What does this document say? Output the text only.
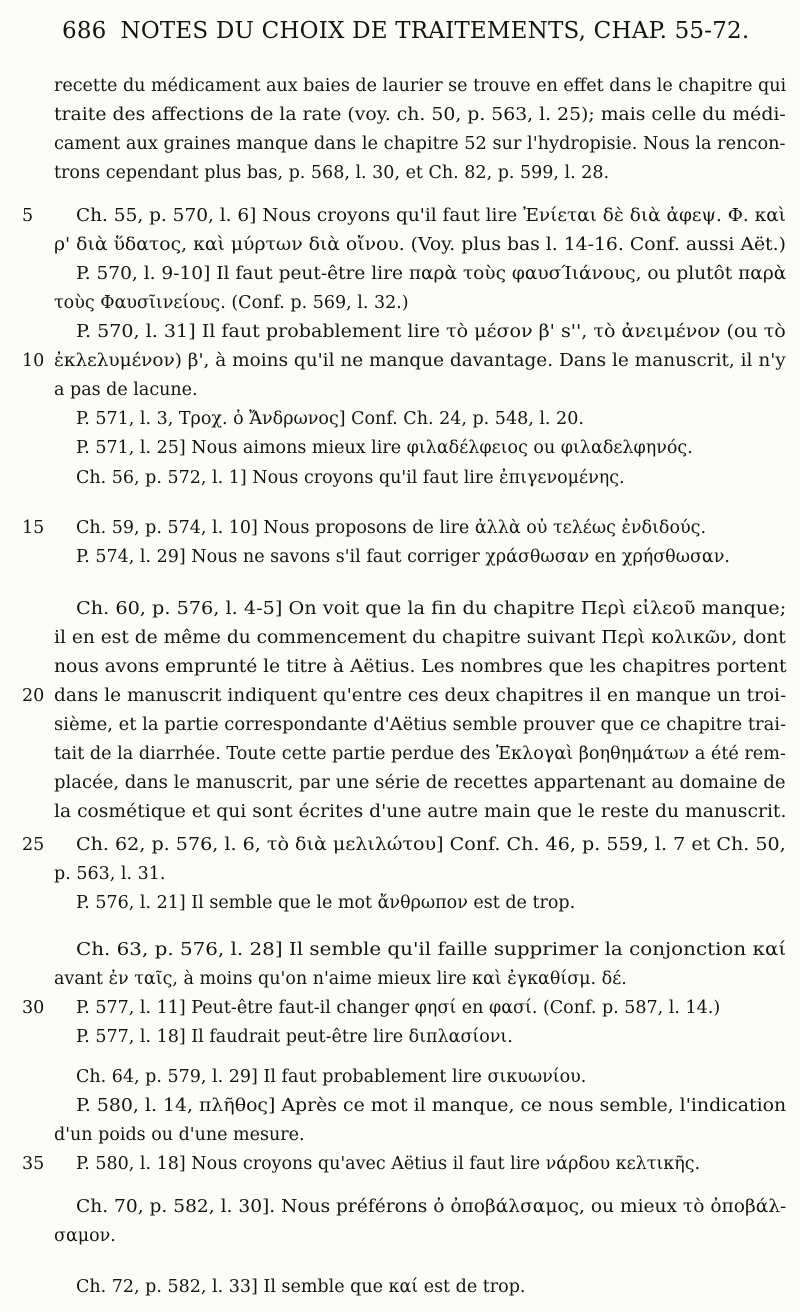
686 NOTES DU CHOIX DE TRAITEMENTS, CHAP. 55-72.
recette du médicament aux baies de laurier se trouve en effet dans le chapitre qui
traite des affections de la rate (voy. ch. 50, p. 563, l. 25); mais celle du médi-
cament aux graines manque dans le chapitre 52 sur l'hydropisie. Nous la rencon-
trons cependant plus bas, p. 568, l. 30, et Ch. 82, p. 599, l. 28.
5	Ch. 55, p. 570, l. 6] Nous croyons qu'il faut lire Ἐνίεται δὲ διὰ ἀφεψ. Φ. καὶ
ρ' διὰ ὕδατος, καὶ μύρτων διὰ οἴνου. (Voy. plus bas l. 14-16. Conf. aussi Aët.)
P. 570, l. 9-10] Il faut peut-être lire παρὰ τοὺς φαυσΊιάνους, ou plutôt παρὰ
τοὺς Φαυσῖινείους. (Conf. p. 569, l. 32.)
P. 570, l. 31] Il faut probablement lire τὸ μέσον β' s'', τὸ ἀνειμένον (ou τὸ
10 ἐκλελυμένον) β', à moins qu'il ne manque davantage. Dans le manuscrit, il n'y
a pas de lacune.
P. 571, l. 3, Τροχ. ὁ Ἄνδρωνος] Conf. Ch. 24, p. 548, l. 20.
P. 571, l. 25] Nous aimons mieux lire φιλαδέλφειος ou φιλαδελφηνός.
Ch. 56, p. 572, l. 1] Nous croyons qu'il faut lire ἐπιγενομένης.
15 Ch. 59, p. 574, l. 10] Nous proposons de lire ἀλλὰ οὐ τελέως ἐνδιδούς.
P. 574, l. 29] Nous ne savons s'il faut corriger χράσθωσαν en χρήσθωσαν.
Ch. 60, p. 576, l. 4-5] On voit que la fin du chapitre Περὶ εἰλεοῦ manque;
il en est de même du commencement du chapitre suivant Περὶ κολικῶν, dont
nous avons emprunté le titre à Aëtius. Les nombres que les chapitres portent
20 dans le manuscrit indiquent qu'entre ces deux chapitres il en manque un troi-
sième, et la partie correspondante d'Aëtius semble prouver que ce chapitre trai-
tait de la diarrhée. Toute cette partie perdue des Ἐκλογαὶ βοηθημάτων a été rem-
placée, dans le manuscrit, par une série de recettes appartenant au domaine de
la cosmétique et qui sont écrites d'une autre main que le reste du manuscrit.
25 Ch. 62, p. 576, l. 6, τὸ διὰ μελιλώτου] Conf. Ch. 46, p. 559, l. 7 et Ch. 50,
p. 563, l. 31.
P. 576, l. 21] Il semble que le mot ἄνθρωπον est de trop.
Ch. 63, p. 576, l. 28] Il semble qu'il faille supprimer la conjonction καί
avant ἐν ταῖς, à moins qu'on n'aime mieux lire καὶ ἐγκαθίσμ. δέ.
30 P. 577, l. 11] Peut-être faut-il changer φησί en φασί. (Conf. p. 587, l. 14.)
P. 577, l. 18] Il faudrait peut-être lire διπλασίονι.
Ch. 64, p. 579, l. 29] Il faut probablement lire σικυωνίου.
P. 580, l. 14, πλῆθος] Après ce mot il manque, ce nous semble, l'indication
d'un poids ou d'une mesure.
35 P. 580, l. 18] Nous croyons qu'avec Aëtius il faut lire νάρδου κελτικῆς.
Ch. 70, p. 582, l. 30]. Nous préférons ὀ ὀποβάλσαμος, ou mieux τὸ ὀποβάλ-
σαμον.
Ch. 72, p. 582, l. 33] Il semble que καί est de trop.
